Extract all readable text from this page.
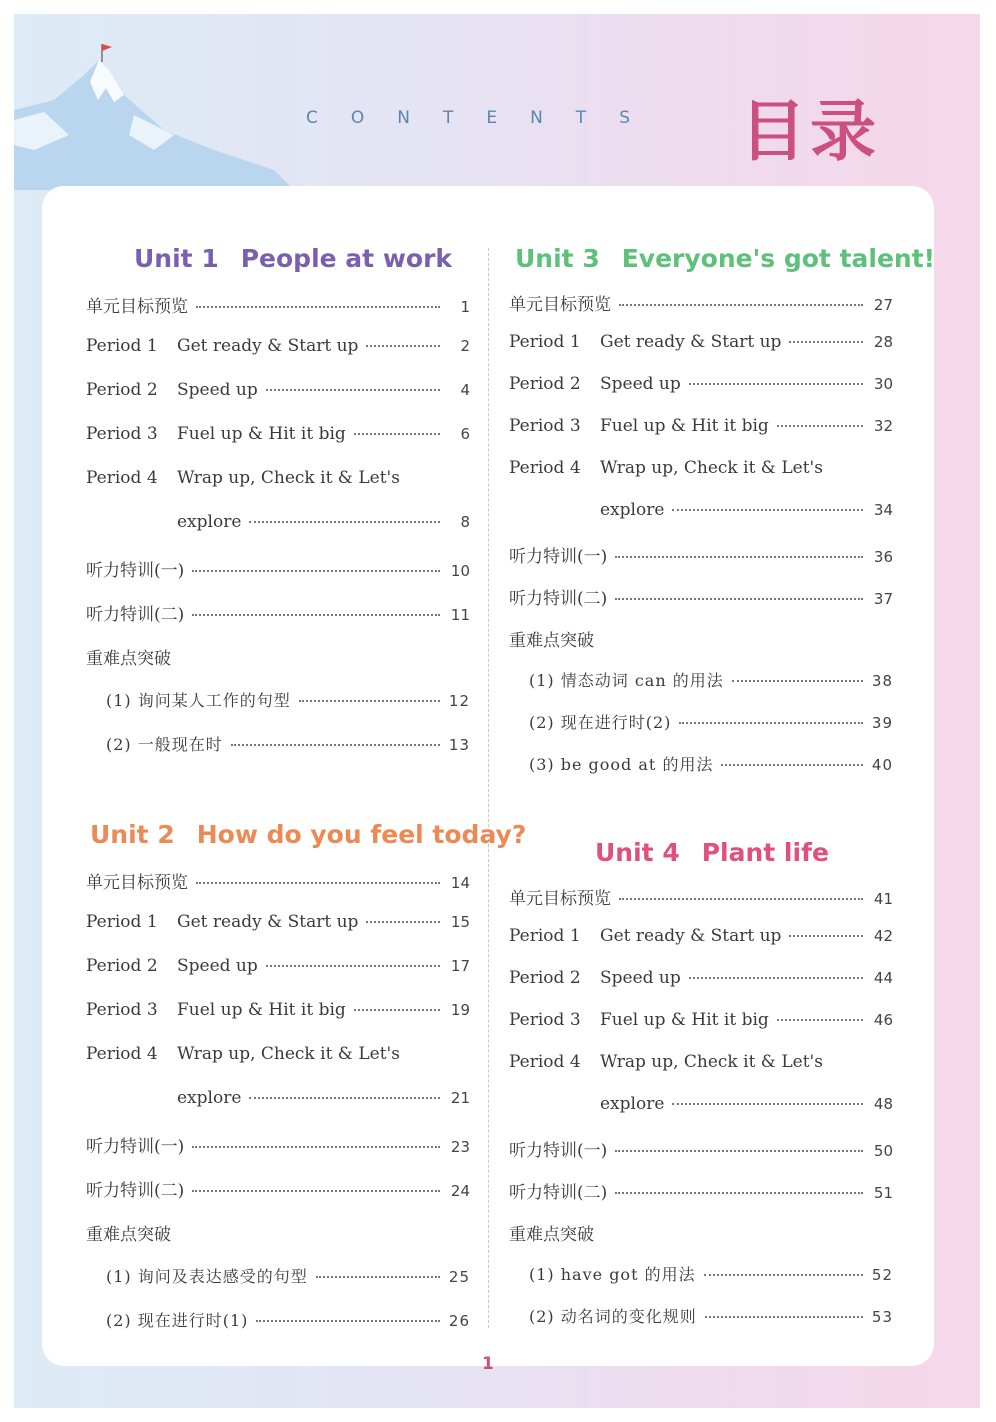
CONTENTS 目录
Unit 1 People at work
Unit 2 How do you feel today?
Unit 3 Everyone's got talent!
Unit 4 Plant life
单元目标预览	1
Period 1	Get ready & Start up	2
Period 2	Speed up	4
Period 3	Fuel up & Hit it big	6
Period 4	Wrap up, Check it & Let's
explore	8
听力特训(一)	10
听力特训(二)	11
重难点突破
(1) 询问某人工作的句型	12
(2) 一般现在时	13
单元目标预览	14
Period 1	Get ready & Start up	15
Period 2	Speed up	17
Period 3	Fuel up & Hit it big	19
Period 4	Wrap up, Check it & Let's
explore	21
听力特训(一)	23
听力特训(二)	24
重难点突破
(1) 询问及表达感受的句型	25
(2) 现在进行时(1)	26
单元目标预览	27
Period 1	Get ready & Start up	28
Period 2	Speed up	30
Period 3	Fuel up & Hit it big	32
Period 4	Wrap up, Check it & Let's
explore	34
听力特训(一)	36
听力特训(二)	37
重难点突破
(1) 情态动词 can 的用法	38
(2) 现在进行时(2)	39
(3) be good at 的用法	40
单元目标预览	41
Period 1	Get ready & Start up	42
Period 2	Speed up	44
Period 3	Fuel up & Hit it big	46
Period 4	Wrap up, Check it & Let's
explore	48
听力特训(一)	50
听力特训(二)	51
重难点突破
(1) have got 的用法	52
(2) 动名词的变化规则	53
1
